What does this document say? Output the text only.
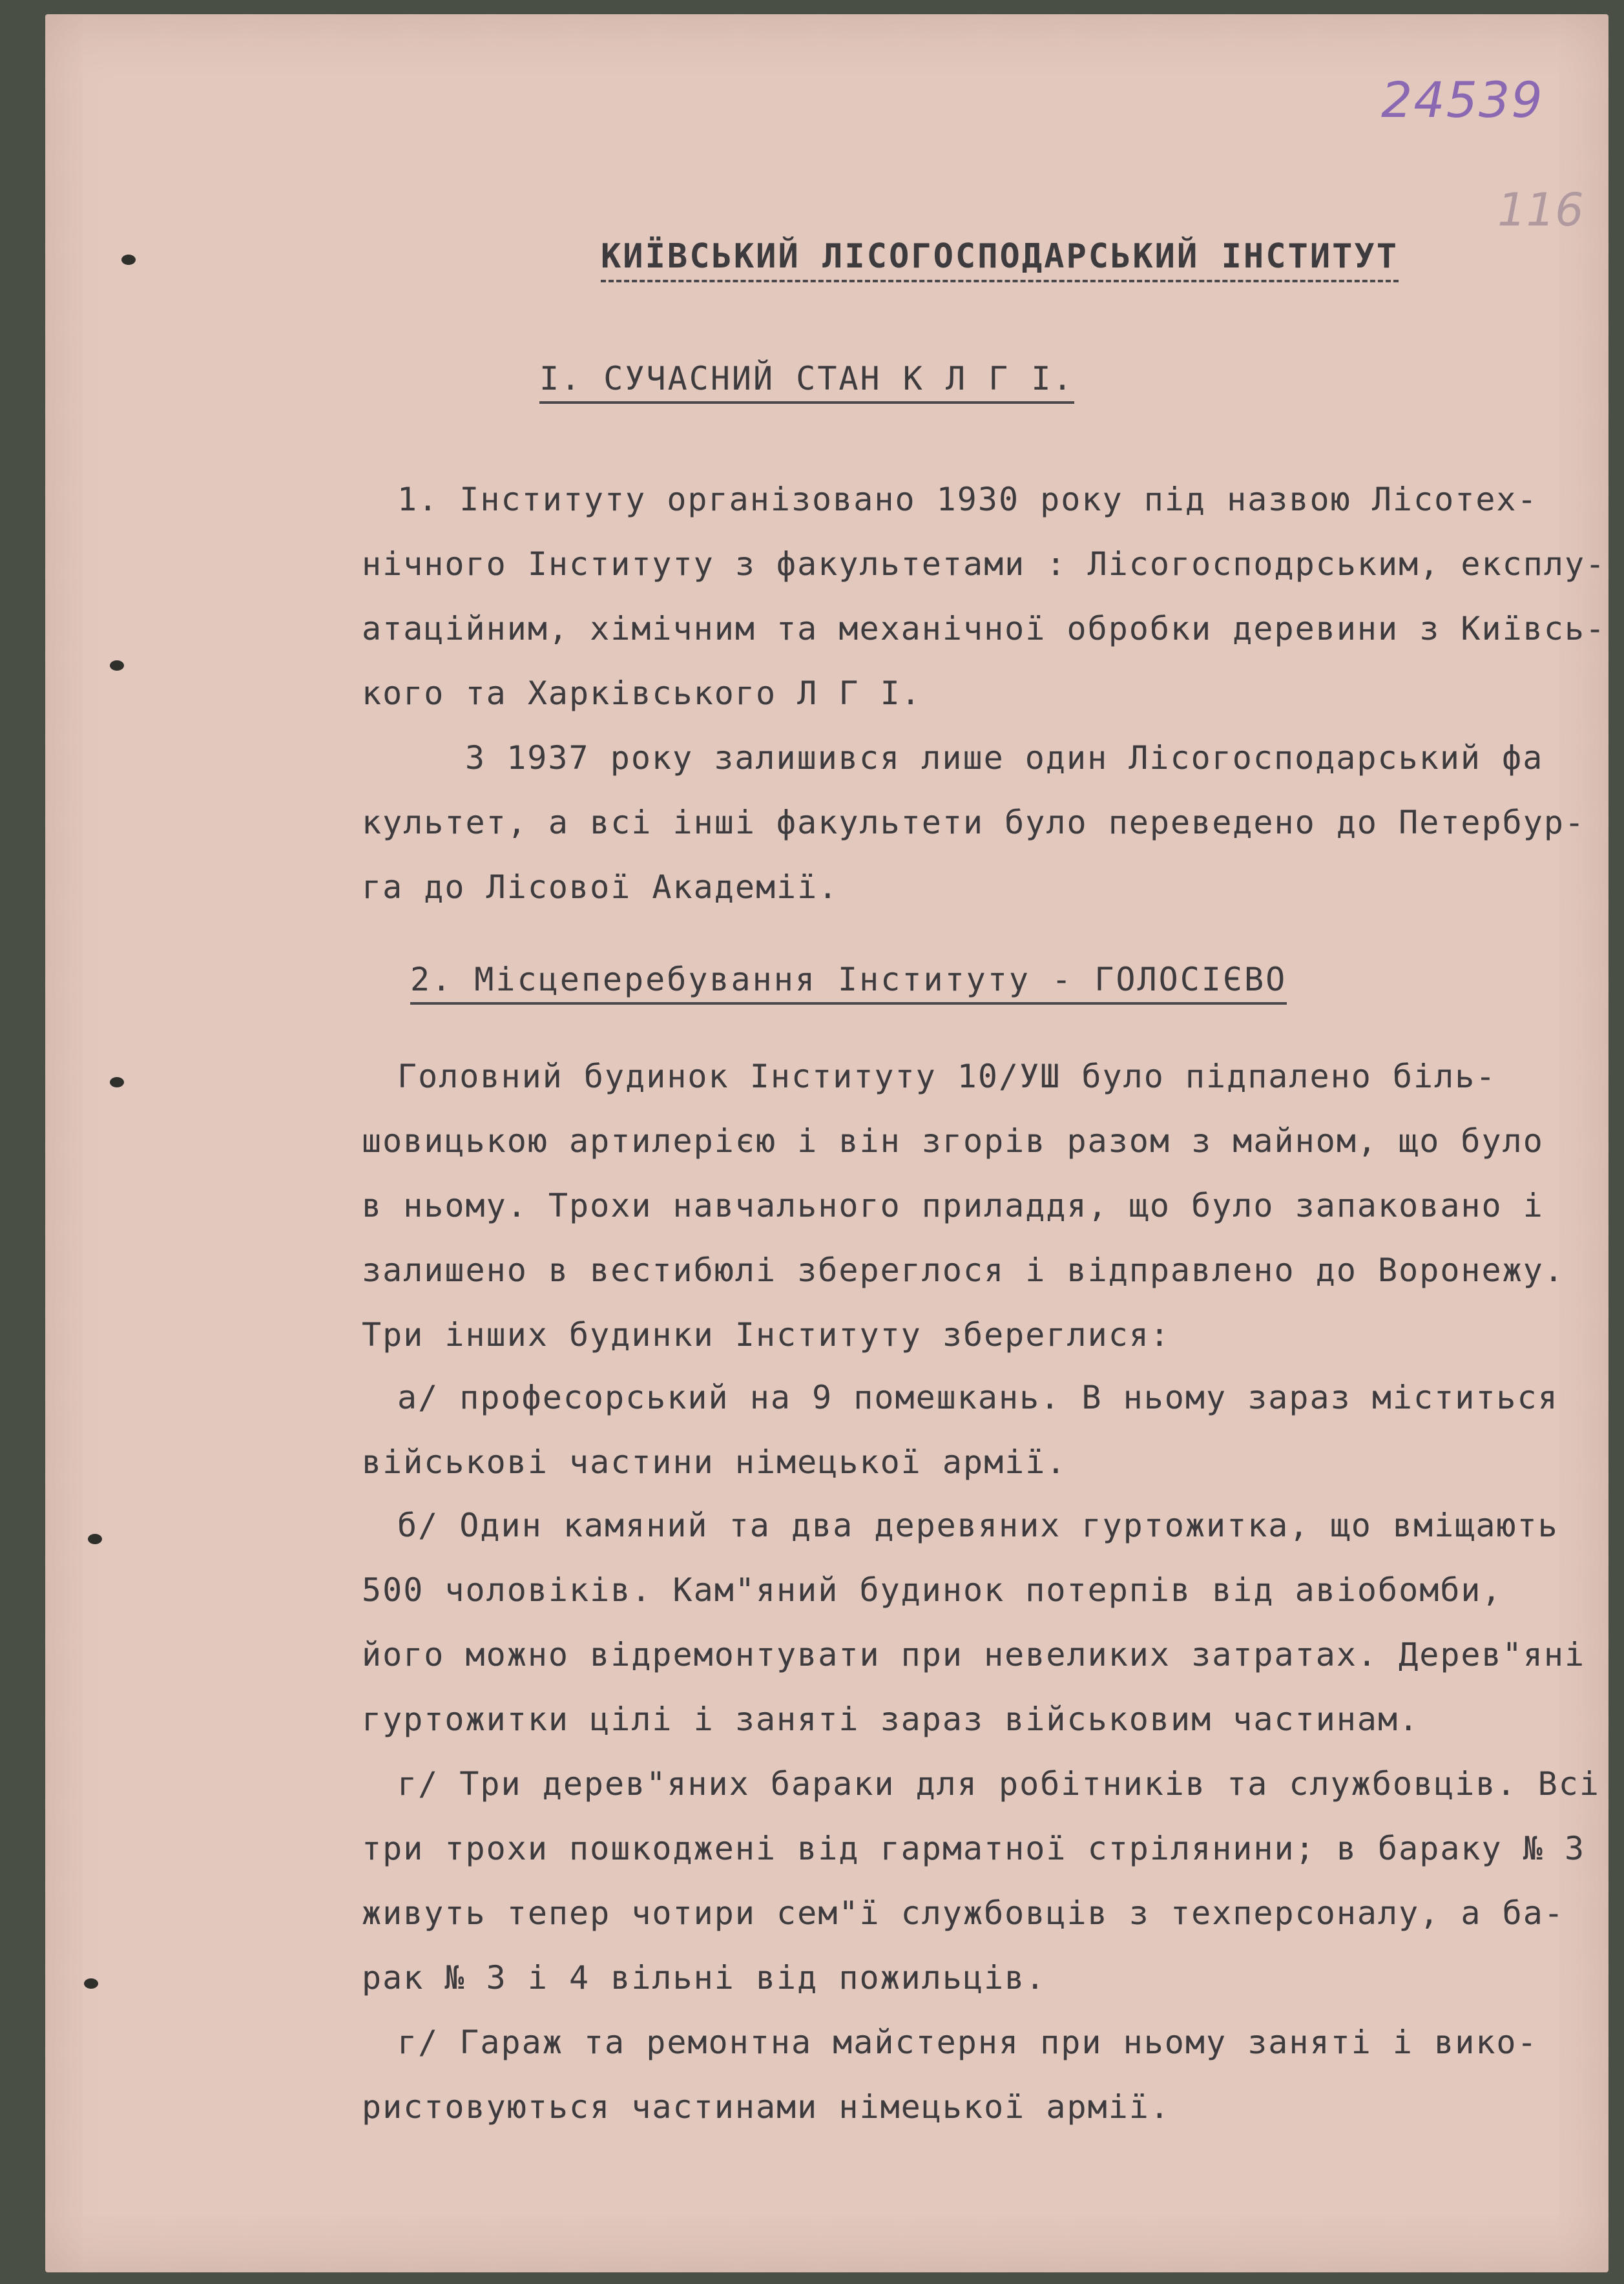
24539
116
КИЇВСЬКИЙ ЛІСОГОСПОДАРСЬКИЙ ІНСТИТУТ
І. СУЧАСНИЙ СТАН К Л Г І.
1. Інституту організовано 1930 року під назвою Лісотех-
нічного Інституту з факультетами : Лісогосподрським, експлу-
атаційним, хімічним та механічної обробки деревини з Київсь-
кого та Харківського Л Г І.
З 1937 року залишився лише один Лісогосподарський фа
культет, а всі інші факультети було переведено до Петербур-
га до Лісової Академії.
2. Місцеперебування Інституту - ГОЛОСІЄВО
Головний будинок Інституту 10/УШ було підпалено біль-
шовицькою артилерією і він згорів разом з майном, що було
в ньому. Трохи навчального приладдя, що було запаковано і
залишено в вестибюлі збереглося і відправлено до Воронежу.
Три інших будинки Інституту збереглися:
а/ професорський на 9 помешкань. В ньому зараз міститься
військові частини німецької армії.
б/ Один камяний та два деревяних гуртожитка, що вміщають
500 чоловіків. Кам"яний будинок потерпів від авіобомби,
його можно відремонтувати при невеликих затратах. Дерев"яні
гуртожитки цілі і заняті зараз військовим частинам.
г/ Три дерев"яних бараки для робітників та службовців. Всі
три трохи пошкоджені від гарматної стрілянини; в бараку № 3
живуть тепер чотири сем"ї службовців з техперсоналу, а ба-
рак № 3 і 4 вільні від пожильців.
г/ Гараж та ремонтна майстерня при ньому заняті і вико-
ристовуються частинами німецької армії.
